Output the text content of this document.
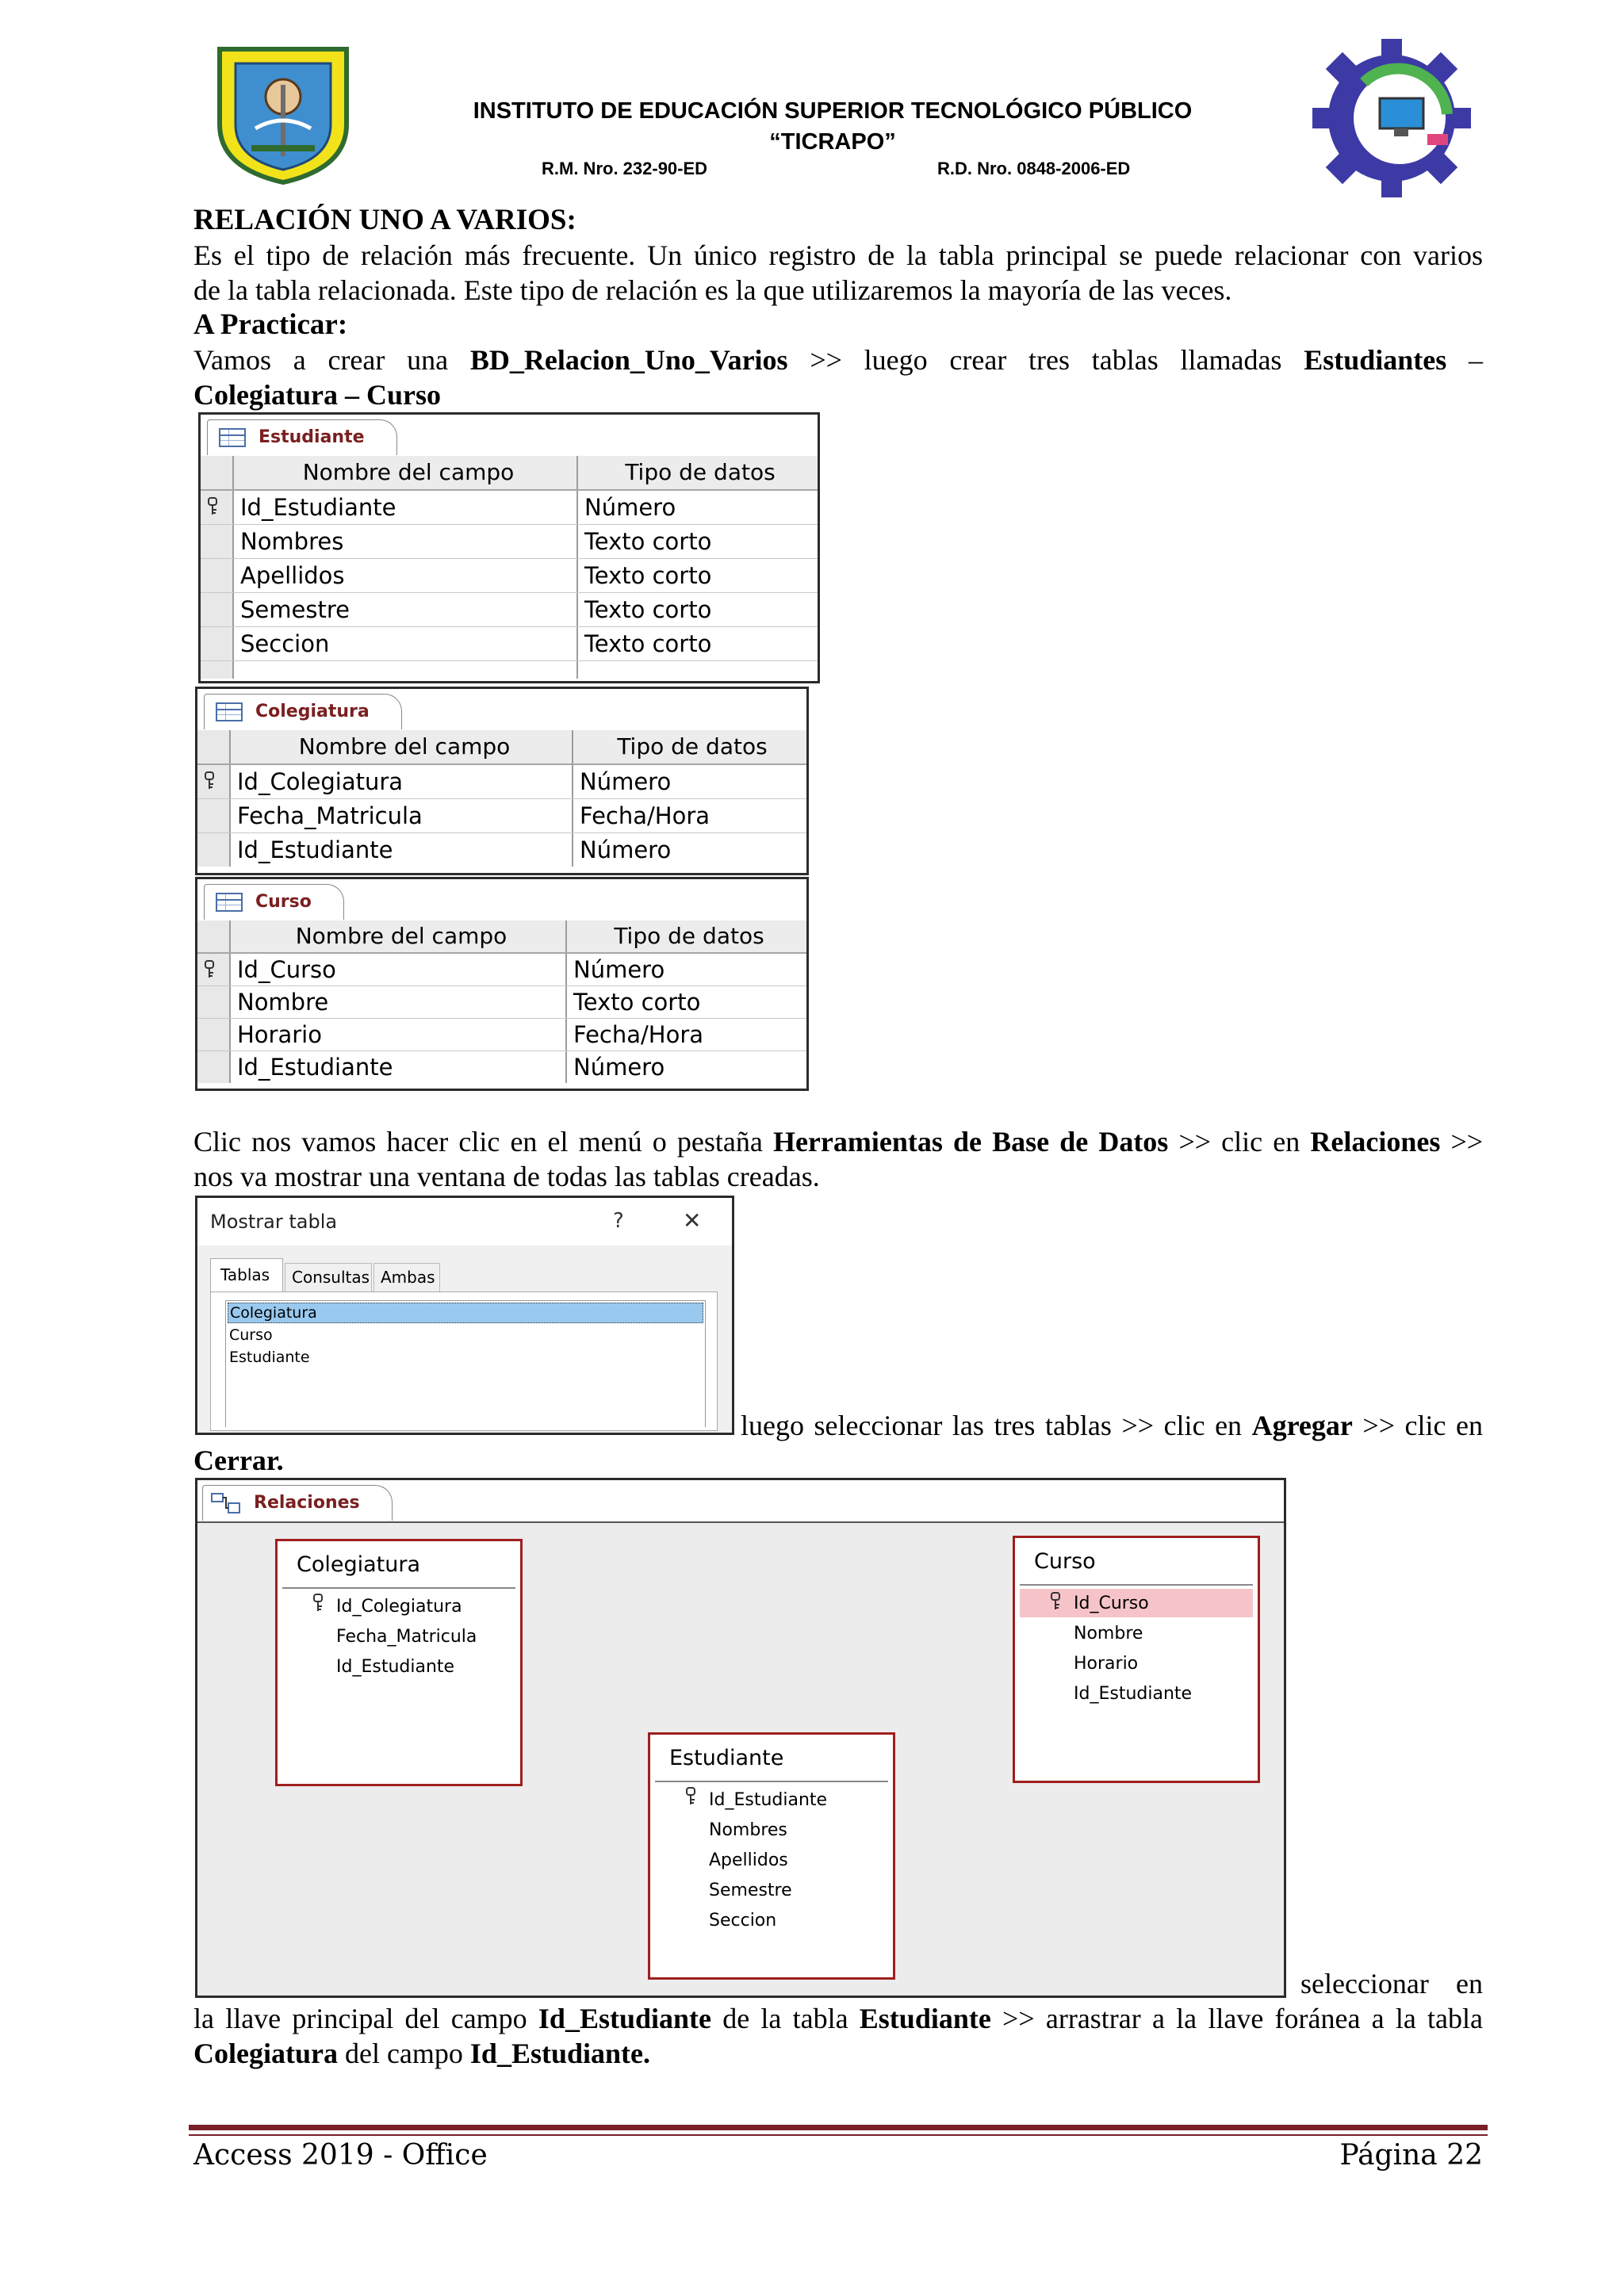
INSTITUTO DE EDUCACIÓN SUPERIOR TECNOLÓGICO PÚBLICO
“TICRAPO”
R.M. Nro. 232-90-ED	R.D. Nro. 0848-2006-ED
RELACIÓN UNO A VARIOS:
Es el tipo de relación más frecuente. Un único registro de la tabla principal se puede relacionar con varios
de la tabla relacionada. Este tipo de relación es la que utilizaremos la mayoría de las veces.
A Practicar:
Vamos a crear una BD_Relacion_Uno_Varios >> luego crear tres tablas llamadas Estudiantes –
Colegiatura – Curso
Estudiante
Nombre del campo	Tipo de datos
Id_Estudiante	Número
Nombres	Texto corto
Apellidos	Texto corto
Semestre	Texto corto
Seccion	Texto corto
Colegiatura
Nombre del campo	Tipo de datos
Id_Colegiatura	Número
Fecha_Matricula	Fecha/Hora
Id_Estudiante	Número
Curso
Nombre del campo	Tipo de datos
Id_Curso	Número
Nombre	Texto corto
Horario	Fecha/Hora
Id_Estudiante	Número
Clic nos vamos hacer clic en el menú o pestaña Herramientas de Base de Datos >> clic en Relaciones >>
nos va mostrar una ventana de todas las tablas creadas.
Mostrar tabla	?	✕
Tablas	Consultas Ambas
Colegiatura
Curso
Estudiante
luego seleccionar las tres tablas >> clic en Agregar >> clic en
Cerrar.
Relaciones
Colegiatura
Id_Colegiatura
Fecha_Matricula
Id_Estudiante
Curso
Id_Curso
Nombre
Horario
Id_Estudiante
Estudiante
Id_Estudiante
Nombres
Apellidos
Semestre
Seccion
seleccionar en
la llave principal del campo Id_Estudiante de la tabla Estudiante >> arrastrar a la llave foránea a la tabla
Colegiatura del campo Id_Estudiante.
Access 2019 - Office	Página 22
